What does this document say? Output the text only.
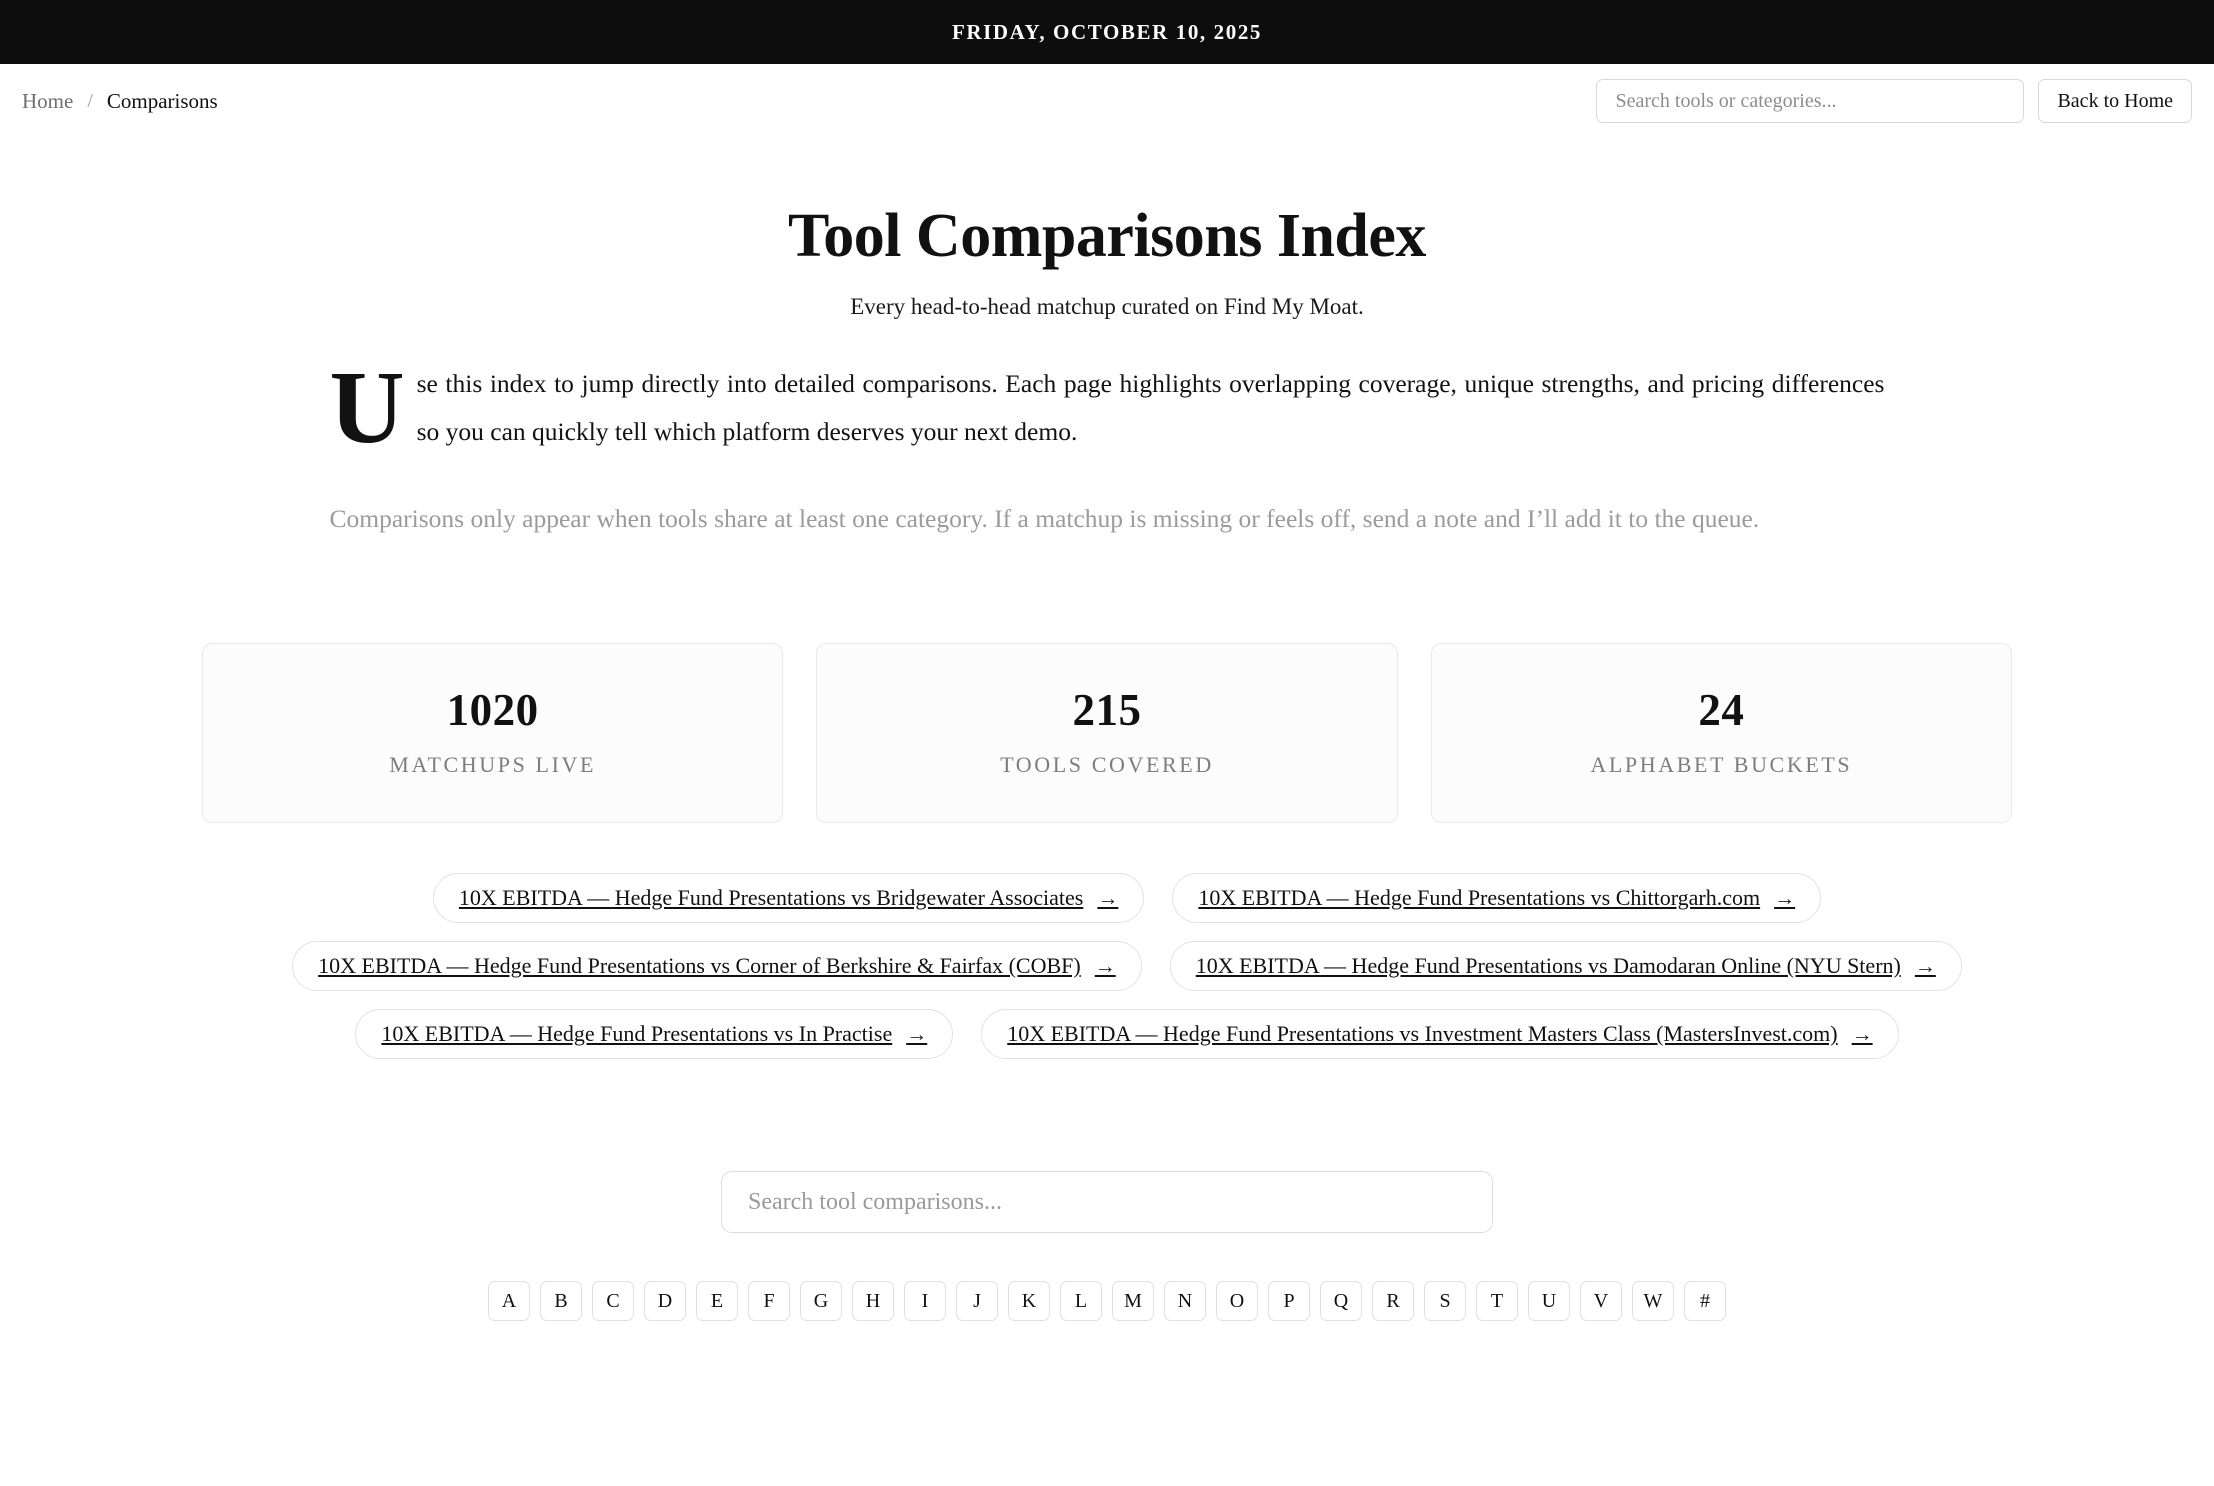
FRIDAY, OCTOBER 10, 2025
Home / Comparisons
Search tools or categories...	Back to Home
Tool Comparisons Index

Every head-to-head matchup curated on Find My Moat.

Use this index to jump directly into detailed comparisons. Each page highlights overlapping coverage, unique strengths, and pricing differences so you can quickly tell which platform deserves your next demo.

Comparisons only appear when tools share at least one category. If a matchup is missing or feels off, send a note and I’ll add it to the queue.

1020
MATCHUPS LIVE
215
TOOLS COVERED
24
ALPHABET BUCKETS
10X EBITDA — Hedge Fund Presentations vs Bridgewater Associates →	10X EBITDA — Hedge Fund Presentations vs Chittorgarh.com →
10X EBITDA — Hedge Fund Presentations vs Corner of Berkshire & Fairfax (COBF) →	10X EBITDA — Hedge Fund Presentations vs Damodaran Online (NYU Stern) →
10X EBITDA — Hedge Fund Presentations vs In Practise →	10X EBITDA — Hedge Fund Presentations vs Investment Masters Class (MastersInvest.com) →
Search tool comparisons...
A	B	C	D	E	F	G	H	I	J	K	L	M	N	O	P	Q	R	S	T	U	V	W	#
